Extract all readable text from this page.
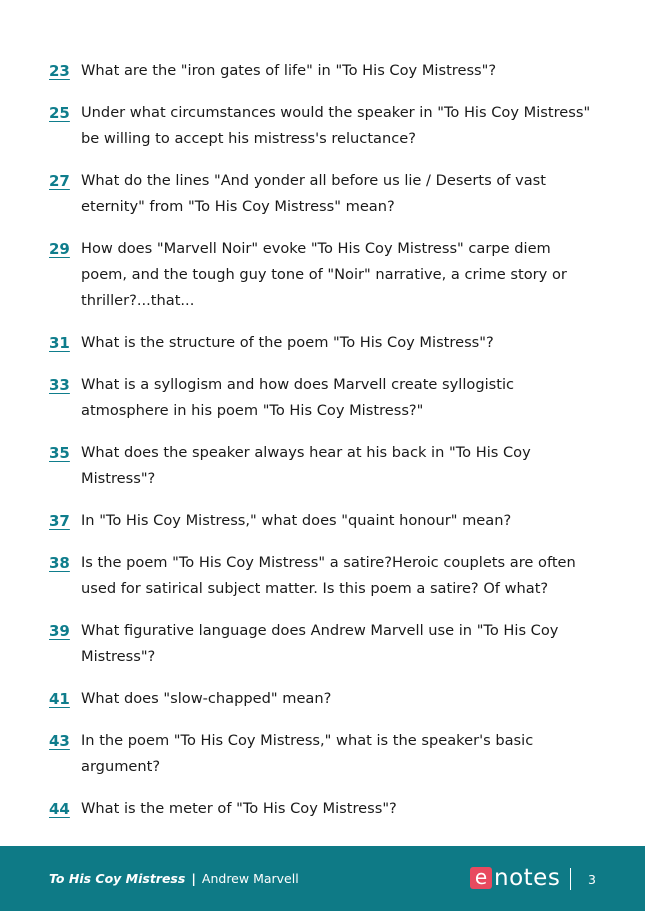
23 What are the "iron gates of life" in "To His Coy Mistress"?
25 Under what circumstances would the speaker in "To His Coy Mistress" be willing to accept his mistress's reluctance?
27 What do the lines "And yonder all before us lie / Deserts of vast eternity" from "To His Coy Mistress" mean?
29 How does "Marvell Noir" evoke "To His Coy Mistress" carpe diem poem, and the tough guy tone of "Noir" narrative, a crime story or thriller?...that...
31 What is the structure of the poem "To His Coy Mistress"?
33 What is a syllogism and how does Marvell create syllogistic atmosphere in his poem "To His Coy Mistress?"
35 What does the speaker always hear at his back in "To His Coy Mistress"?
37 In "To His Coy Mistress," what does "quaint honour" mean?
38 Is the poem "To His Coy Mistress" a satire?Heroic couplets are often used for satirical subject matter. Is this poem a satire? Of what?
39 What figurative language does Andrew Marvell use in "To His Coy Mistress"?
41 What does "slow-chapped" mean?
43 In the poem "To His Coy Mistress," what is the speaker's basic argument?
44 What is the meter of "To His Coy Mistress"?
To His Coy Mistress | Andrew Marvell	e notes 3
